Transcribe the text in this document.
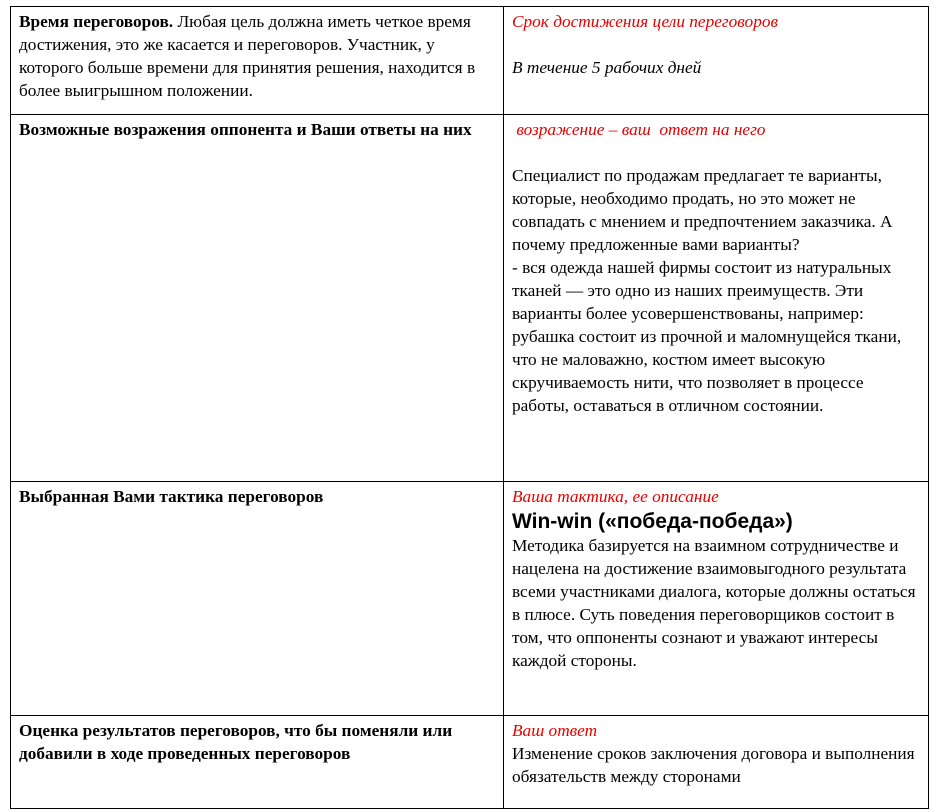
Время переговоров. Любая цель должна иметь четкое время достижения, это же касается и переговоров. Участник, у которого больше времени для принятия решения, находится в более выигрышном положении.	Срок достижения цели переговоров

В течение 5 рабочих дней

Возможные возражения оппонента и Ваши ответы на них	возражение – ваш  ответ на него

Специалист по продажам предлагает те варианты, которые, необходимо продать, но это может не совпадать с мнением и предпочтением заказчика. А почему предложенные вами варианты?

- вся одежда нашей фирмы состоит из натуральных тканей — это одно из наших преимуществ. Эти варианты более усовершенствованы, например: рубашка состоит из прочной и маломнущейся ткани, что не маловажно, костюм имеет высокую скручиваемость нити, что позволяет в процессе работы, оставаться в отличном состоянии.

Выбранная Вами тактика переговоров	Ваша тактика, ее описание

Win-win («победа-победа»)

Методика базируется на взаимном сотрудничестве и нацелена на достижение взаимовыгодного результата всеми участниками диалога, которые должны остаться в плюсе. Суть поведения переговорщиков состоит в том, что оппоненты сознают и уважают интересы каждой стороны.

Оценка результатов переговоров, что бы поменяли или добавили в ходе проведенных переговоров	Ваш ответ

Изменение сроков заключения договора и выполнения обязательств между сторонами
